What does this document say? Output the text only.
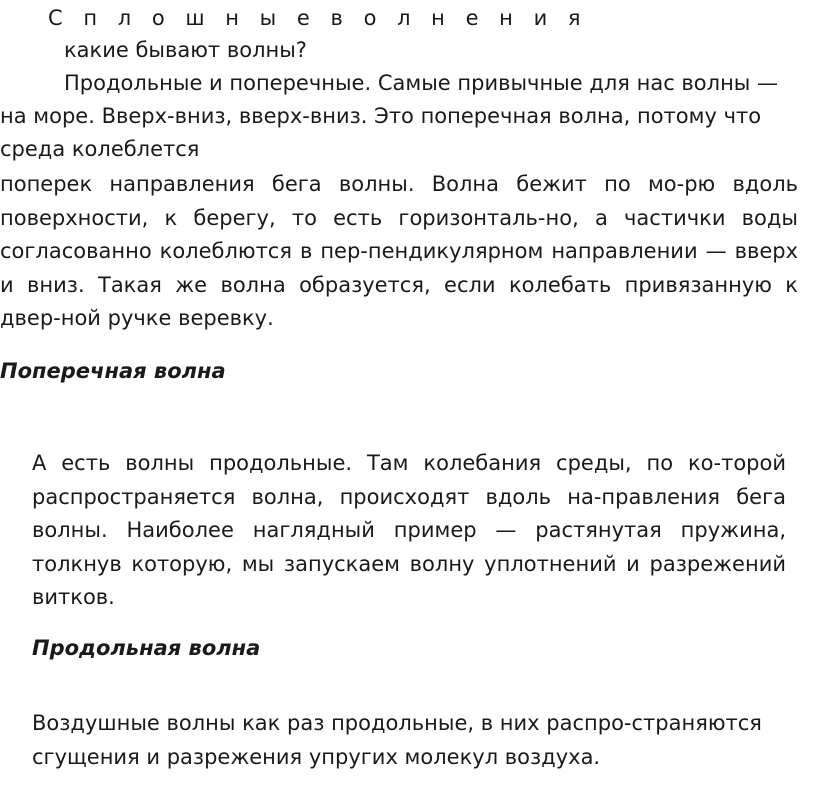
С п л о ш н ы е в о л н е н и я

какие бывают волны?

Продольные и поперечные. Самые привычные для нас волны —

на море. Вверх-вниз, вверх-вниз. Это поперечная волна, потому что

среда колеблется

поперек направления бега волны. Волна бежит по мо-рю вдоль
поверхности, к берегу, то есть горизонталь-но, а частички воды
согласованно колеблются в пер-пендикулярном направлении — вверх
и вниз. Такая же волна образуется, если колебать привязанную к
двер-ной ручке веревку.

Поперечная волна

А есть волны продольные. Там колебания среды, по ко-торой
распространяется волна, происходят вдоль на-правления бега
волны. Наиболее наглядный пример — растянутая пружина,
толкнув которую, мы запускаем волну уплотнений и разрежений
витков.

Продольная волна

Воздушные волны как раз продольные, в них распро-страняются

сгущения и разрежения упругих молекул воздуха.
